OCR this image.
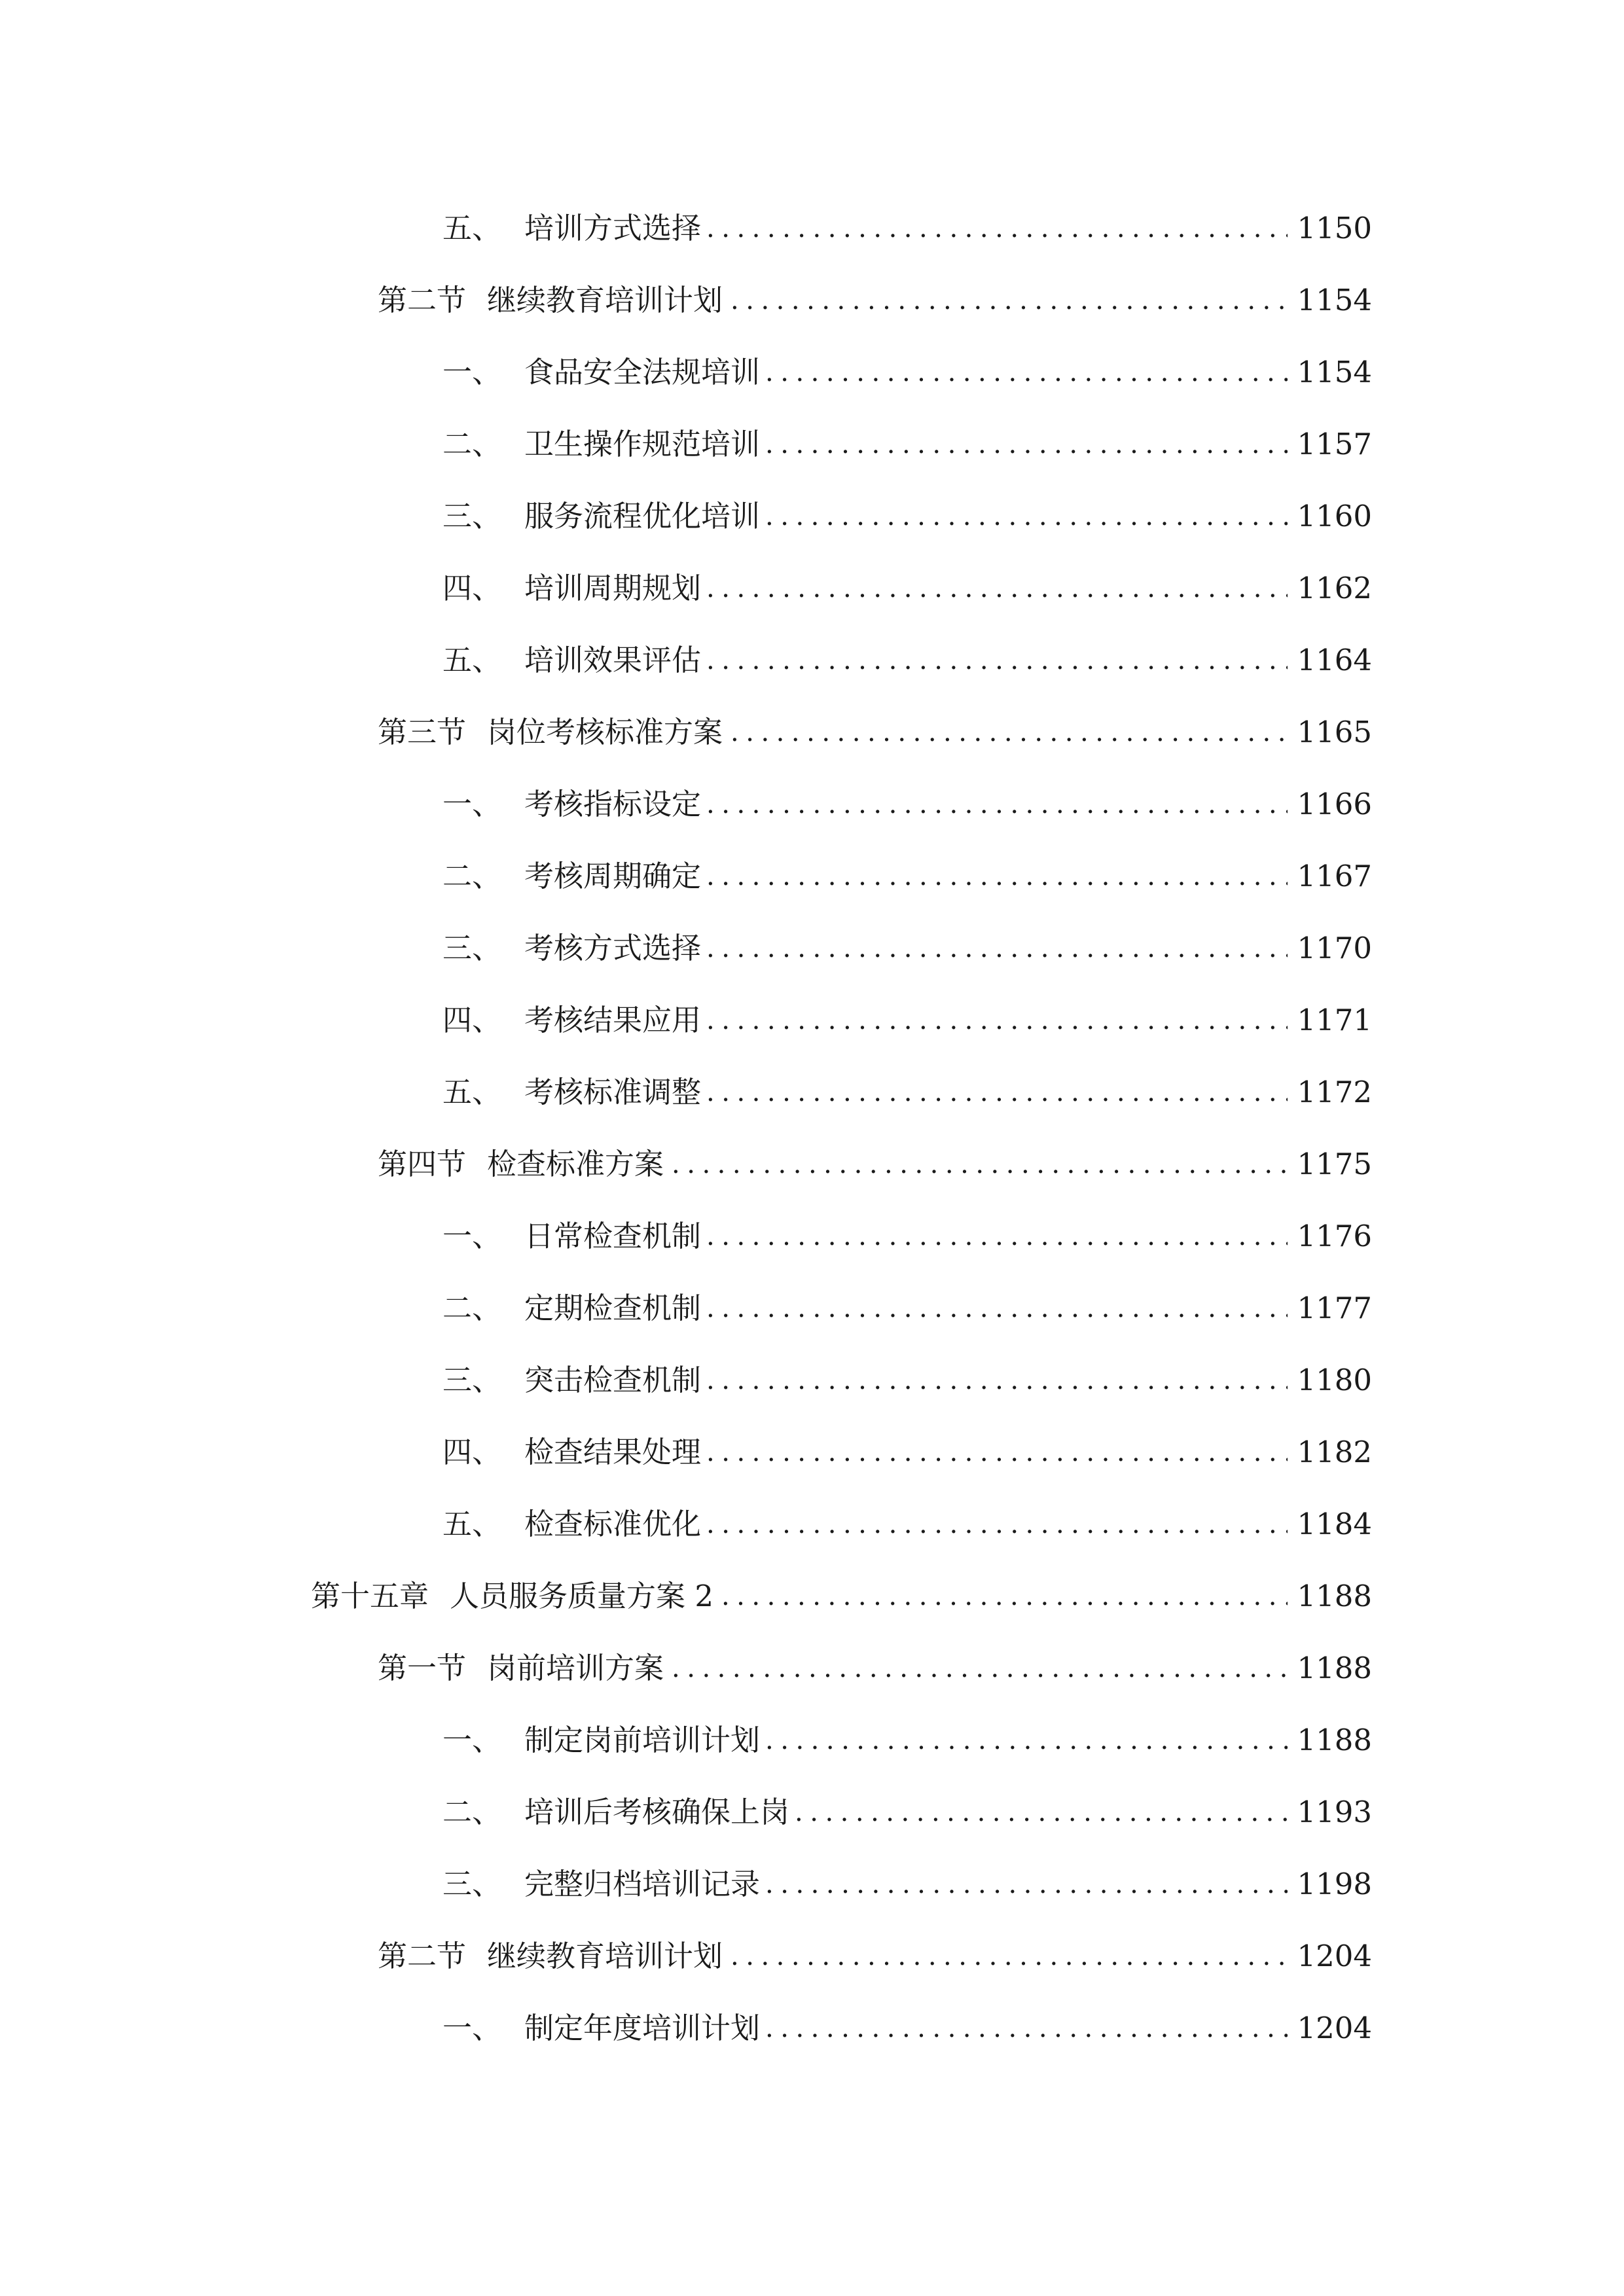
五、 培训方式选择 .....	1150
第二节 继续教育培训计划 .....	1154
一、 食品安全法规培训 .....	1154
二、 卫生操作规范培训 .....	1157
三、 服务流程优化培训 .....	1160
四、 培训周期规划 .....	1162
五、 培训效果评估 .....	1164
第三节 岗位考核标准方案 .....	1165
一、 考核指标设定 .....	1166
二、 考核周期确定 .....	1167
三、 考核方式选择 .....	1170
四、 考核结果应用 .....	1171
五、 考核标准调整 .....	1172
第四节 检查标准方案 .....	1175
一、 日常检查机制 .....	1176
二、 定期检查机制 .....	1177
三、 突击检查机制 .....	1180
四、 检查结果处理 .....	1182
五、 检查标准优化 .....	1184
第十五章 人员服务质量方案 2 .....	1188
第一节 岗前培训方案 .....	1188
一、 制定岗前培训计划 .....	1188
二、 培训后考核确保上岗 .....	1193
三、 完整归档培训记录 .....	1198
第二节 继续教育培训计划 .....	1204
一、 制定年度培训计划 .....	1204
